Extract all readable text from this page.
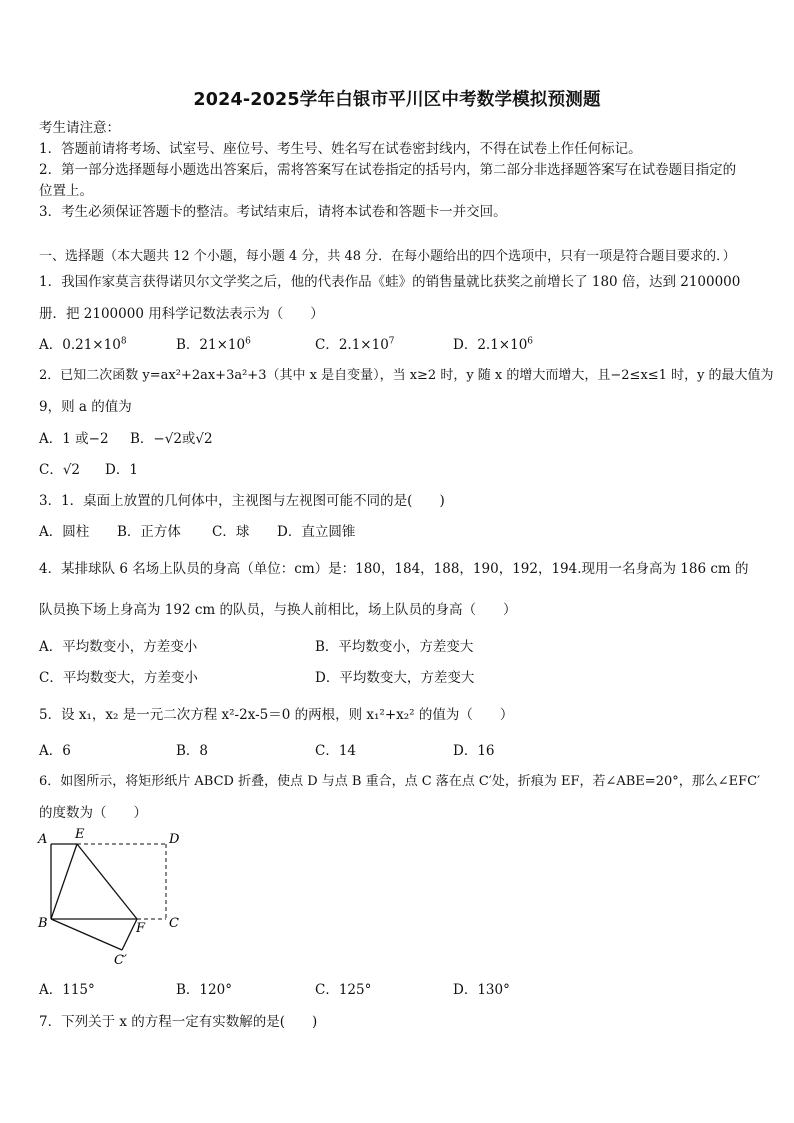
2024-2025学年白银市平川区中考数学模拟预测题
考生请注意：
1．答题前请将考场、试室号、座位号、考生号、姓名写在试卷密封线内，不得在试卷上作任何标记。
2．第一部分选择题每小题选出答案后，需将答案写在试卷指定的括号内，第二部分非选择题答案写在试卷题目指定的
位置上。
3．考生必须保证答题卡的整洁。考试结束后，请将本试卷和答题卡一并交回。
一、选择题（本大题共 12 个小题，每小题 4 分，共 48 分．在每小题给出的四个选项中，只有一项是符合题目要求的．）
1．我国作家莫言获得诺贝尔文学奖之后，他的代表作品《蛙》的销售量就比获奖之前增长了 180 倍，达到 2100000
册．把 2100000 用科学记数法表示为（　　）
A．$0.21\times 10^8$	B．$21\times 10^6$	C．$2.1\times 10^7$	D．$2.1\times 10^6$
2．已知二次函数 y=ax²+2ax+3a²+3（其中 x 是自变量），当 x≥2 时，y 随 x 的增大而增大，且−2≤x≤1 时，y 的最大值为
9，则 a 的值为
A．1 或−2 B．−√2或√2
C．√2 D．1
3．1．桌面上放置的几何体中，主视图与左视图可能不同的是(　　)
A．圆柱 B．正方体 C．球 D．直立圆锥
4．某排球队 6 名场上队员的身高（单位：cm）是：180，184，188，190，192，194.现用一名身高为 186 cm 的
队员换下场上身高为 192 cm 的队员，与换人前相比，场上队员的身高（　　）
A．平均数变小，方差变小	B．平均数变小，方差变大
C．平均数变大，方差变小	D．平均数变大，方差变大
5．设 x₁，x₂ 是一元二次方程 x²-2x-5＝0 的两根，则 x₁²+x₂² 的值为（　　）
A．6	B．8	C．14	D．16
6．如图所示，将矩形纸片 ABCD 折叠，使点 D 与点 B 重合，点 C 落在点 C′处，折痕为 EF，若∠ABE=20°，那么∠EFC′
的度数为（　　）
A E	D
B	F C
C′
A．115°	B．120°	C．125°	D．130°
7．下列关于 x 的方程一定有实数解的是(　　)
